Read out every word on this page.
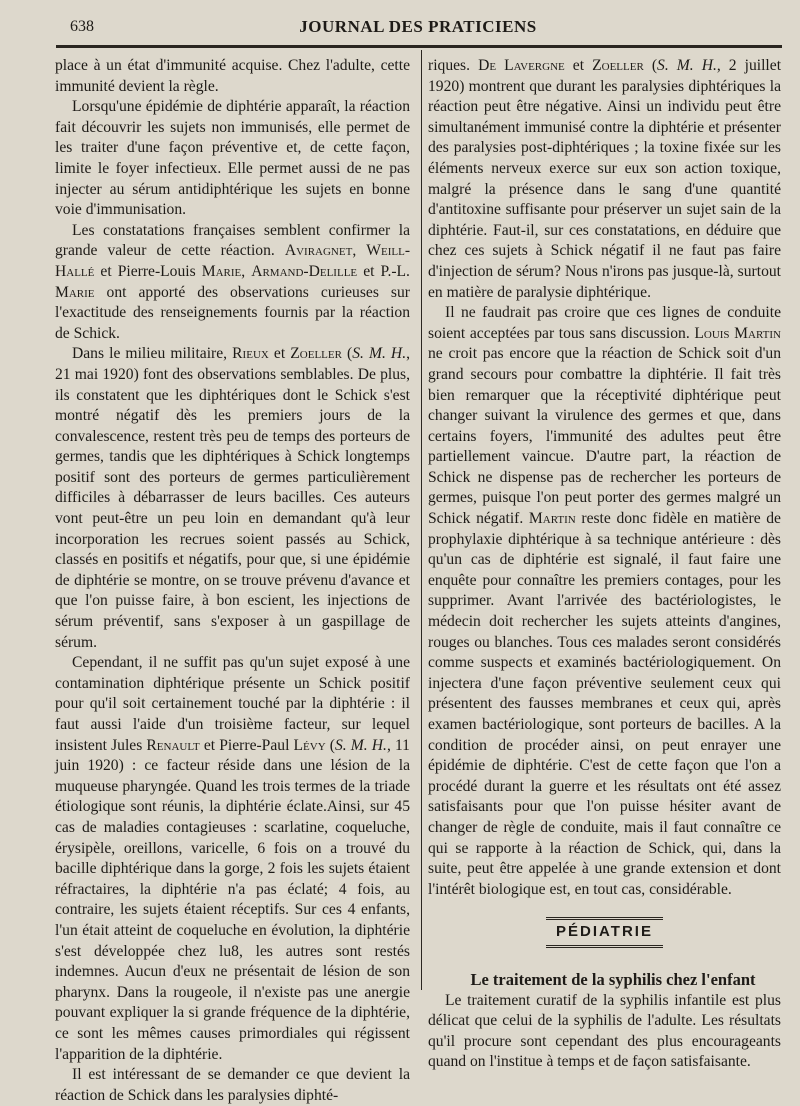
638	JOURNAL DES PRATICIENS

place à un état d'immunité acquise. Chez l'adulte, cette immunité devient la règle.

Lorsqu'une épidémie de diphtérie apparaît, la réaction fait découvrir les sujets non immunisés, elle permet de les traiter d'une façon préventive et, de cette façon, limite le foyer infectieux. Elle permet aussi de ne pas injecter au sérum antidiphtérique les sujets en bonne voie d'immunisation.

Les constatations françaises semblent confirmer la grande valeur de cette réaction. Aviragnet, Weill-Hallé et Pierre-Louis Marie, Armand-Delille et P.-L. Marie ont apporté des observations curieuses sur l'exactitude des renseignements fournis par la réaction de Schick.

Dans le milieu militaire, Rieux et Zoeller (S. M. H., 21 mai 1920) font des observations semblables. De plus, ils constatent que les diphtériques dont le Schick s'est montré négatif dès les premiers jours de la convalescence, restent très peu de temps des porteurs de germes, tandis que les diphtériques à Schick longtemps positif sont des porteurs de germes particulièrement difficiles à débarrasser de leurs bacilles. Ces auteurs vont peut-être un peu loin en demandant qu'à leur incorporation les recrues soient passés au Schick, classés en positifs et négatifs, pour que, si une épidémie de diphtérie se montre, on se trouve prévenu d'avance et que l'on puisse faire, à bon escient, les injections de sérum préventif, sans s'exposer à un gaspillage de sérum.

Cependant, il ne suffit pas qu'un sujet exposé à une contamination diphtérique présente un Schick positif pour qu'il soit certainement touché par la diphtérie : il faut aussi l'aide d'un troisième facteur, sur lequel insistent Jules Renault et Pierre-Paul Lévy (S. M. H., 11 juin 1920) : ce facteur réside dans une lésion de la muqueuse pharyngée. Quand les trois termes de la triade étiologique sont réunis, la diphtérie éclate.Ainsi, sur 45 cas de maladies contagieuses : scarlatine, coqueluche, érysipèle, oreillons, varicelle, 6 fois on a trouvé du bacille diphtérique dans la gorge, 2 fois les sujets étaient réfractaires, la diphtérie n'a pas éclaté; 4 fois, au contraire, les sujets étaient réceptifs. Sur ces 4 enfants, l'un était atteint de coqueluche en évolution, la diphtérie s'est développée chez lu8, les autres sont restés indemnes. Aucun d'eux ne présentait de lésion de son pharynx. Dans la rougeole, il n'existe pas une anergie pouvant expliquer la si grande fréquence de la diphtérie, ce sont les mêmes causes primordiales qui régissent l'apparition de la diphtérie.

Il est intéressant de se demander ce que devient la réaction de Schick dans les paralysies diphté-

riques. De Lavergne et Zoeller (S. M. H., 2 juillet 1920) montrent que durant les paralysies diphtériques la réaction peut être négative. Ainsi un individu peut être simultanément immunisé contre la diphtérie et présenter des paralysies post-diphtériques ; la toxine fixée sur les éléments nerveux exerce sur eux son action toxique, malgré la présence dans le sang d'une quantité d'antitoxine suffisante pour préserver un sujet sain de la diphtérie. Faut-il, sur ces constatations, en déduire que chez ces sujets à Schick négatif il ne faut pas faire d'injection de sérum? Nous n'irons pas jusque-là, surtout en matière de paralysie diphtérique.

Il ne faudrait pas croire que ces lignes de conduite soient acceptées par tous sans discussion. Louis Martin ne croit pas encore que la réaction de Schick soit d'un grand secours pour combattre la diphtérie. Il fait très bien remarquer que la réceptivité diphtérique peut changer suivant la virulence des germes et que, dans certains foyers, l'immunité des adultes peut être partiellement vaincue. D'autre part, la réaction de Schick ne dispense pas de rechercher les porteurs de germes, puisque l'on peut porter des germes malgré un Schick négatif. Martin reste donc fidèle en matière de prophylaxie diphtérique à sa technique antérieure : dès qu'un cas de diphtérie est signalé, il faut faire une enquête pour connaître les premiers contages, pour les supprimer. Avant l'arrivée des bactériologistes, le médecin doit rechercher les sujets atteints d'angines, rouges ou blanches. Tous ces malades seront considérés comme suspects et examinés bactériologiquement. On injectera d'une façon préventive seulement ceux qui présentent des fausses membranes et ceux qui, après examen bactériologique, sont porteurs de bacilles. A la condition de procéder ainsi, on peut enrayer une épidémie de diphtérie. C'est de cette façon que l'on a procédé durant la guerre et les résultats ont été assez satisfaisants pour que l'on puisse hésiter avant de changer de règle de conduite, mais il faut connaître ce qui se rapporte à la réaction de Schick, qui, dans la suite, peut être appelée à une grande extension et dont l'intérêt biologique est, en tout cas, considérable.

PÉDIATRIE

Le traitement de la syphilis chez l'enfant

Le traitement curatif de la syphilis infantile est plus délicat que celui de la syphilis de l'adulte. Les résultats qu'il procure sont cependant des plus encourageants quand on l'institue à temps et de façon satisfaisante.
